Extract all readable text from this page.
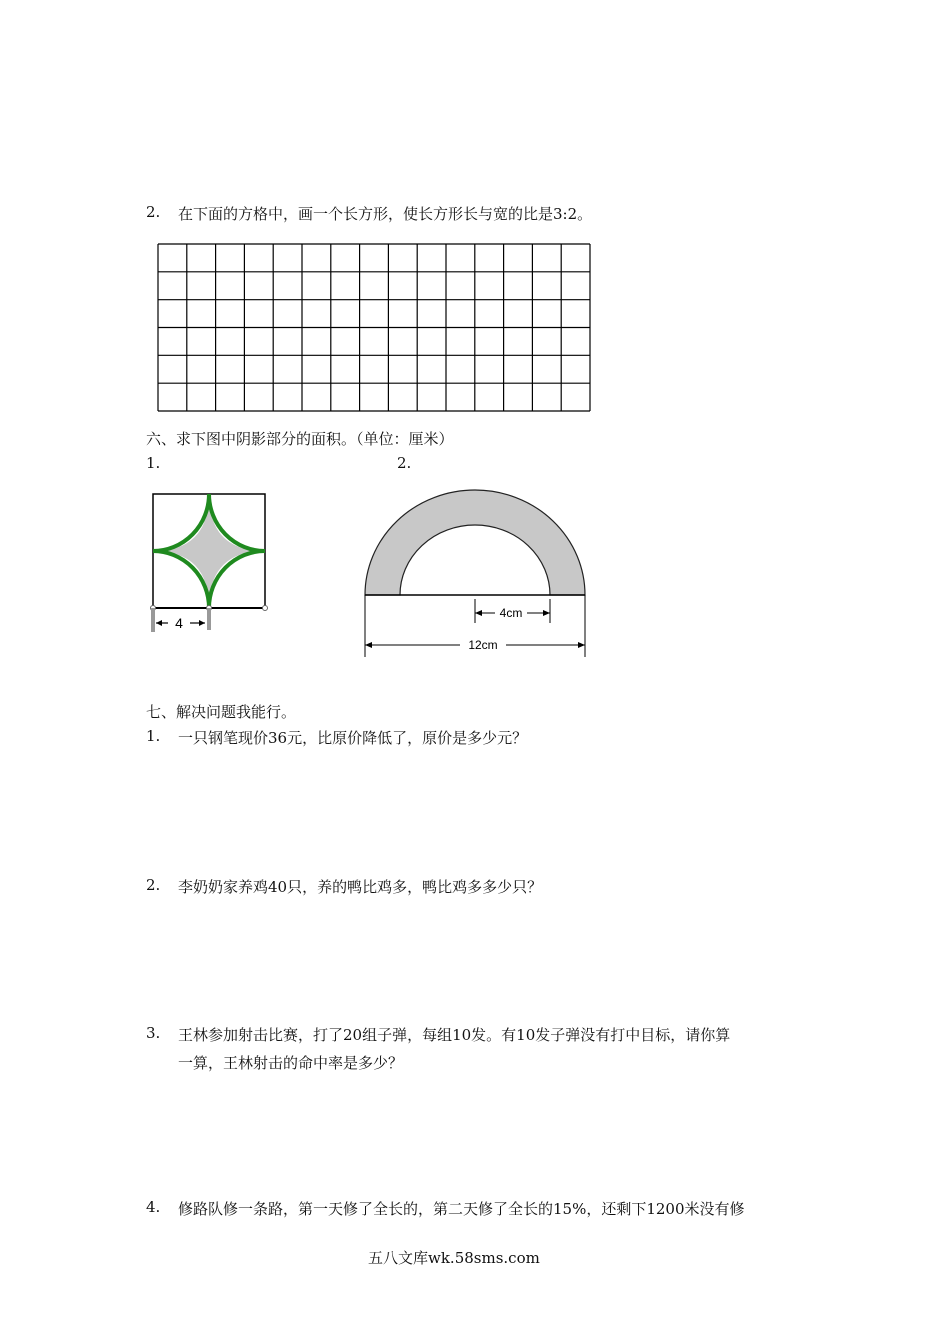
2. 在下面的方格中，画一个长方形，使长方形长与宽的比是3:2。
六、求下图中阴影部分的面积。（单位：厘米）
1.	2.
4
4cm
12cm
七、解决问题我能行。
1. 一只钢笔现价36元，比原价降低了，原价是多少元？
2. 李奶奶家养鸡40只，养的鸭比鸡多，鸭比鸡多多少只？
3. 王林参加射击比赛，打了20组子弹，每组10发。有10发子弹没有打中目标，请你算
一算，王林射击的命中率是多少？
4. 修路队修一条路，第一天修了全长的，第二天修了全长的15%，还剩下1200米没有修
五八文库wk.58sms.com
